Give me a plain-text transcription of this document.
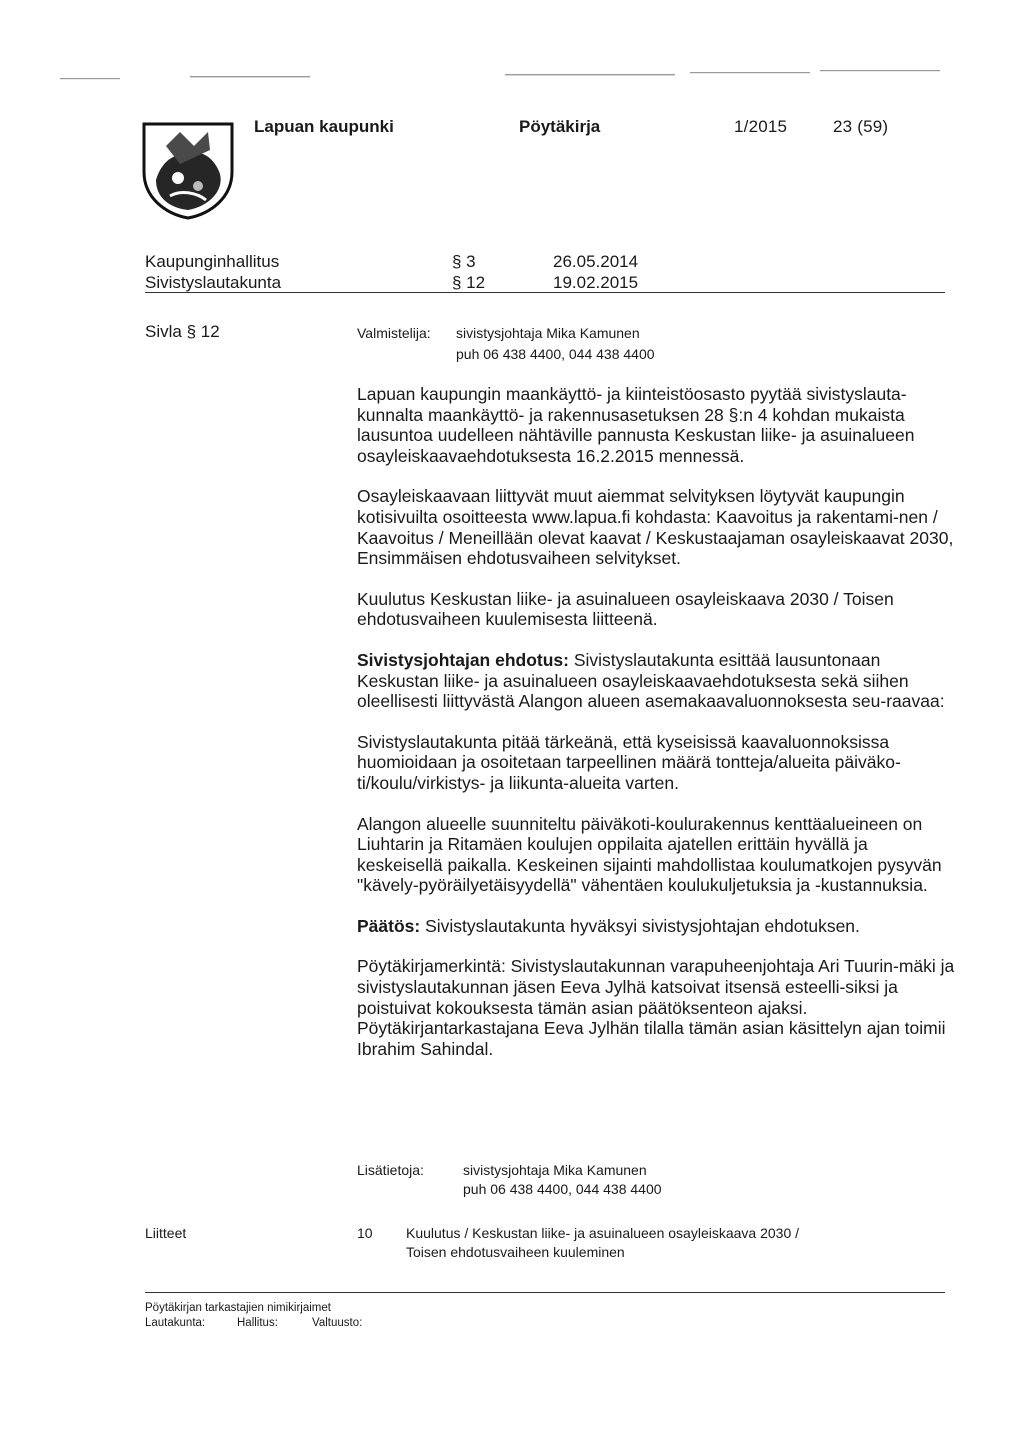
Lapuan kaupunki	Pöytäkirja	1/2015	23 (59)
Kaupunginhallitus	§ 3	26.05.2014
Sivistyslautakunta	§ 12	19.02.2015
Sivla § 12	Valmistelija: sivistysjohtaja Mika Kamunen
puh 06 438 4400, 044 438 4400

Lapuan kaupungin maankäyttö- ja kiinteistöosasto pyytää sivistyslauta-kunnalta maankäyttö- ja rakennusasetuksen 28 §:n 4 kohdan mukaista lausuntoa uudelleen nähtäville pannusta Keskustan liike- ja asuinalueen osayleiskaavaehdotuksesta 16.2.2015 mennessä.

Osayleiskaavaan liittyvät muut aiemmat selvityksen löytyvät kaupungin kotisivuilta osoitteesta www.lapua.fi kohdasta: Kaavoitus ja rakentami-nen / Kaavoitus / Meneillään olevat kaavat / Keskustaajaman osayleiskaavat 2030, Ensimmäisen ehdotusvaiheen selvitykset.

Kuulutus Keskustan liike- ja asuinalueen osayleiskaava 2030 / Toisen ehdotusvaiheen kuulemisesta liitteenä.

Sivistysjohtajan ehdotus: Sivistyslautakunta esittää lausuntonaan Keskustan liike- ja asuinalueen osayleiskaavaehdotuksesta sekä siihen oleellisesti liittyvästä Alangon alueen asemakaavaluonnoksesta seu-raavaa:

Sivistyslautakunta pitää tärkeänä, että kyseisissä kaavaluonnoksissa huomioidaan ja osoitetaan tarpeellinen määrä tontteja/alueita päiväko-ti/koulu/virkistys- ja liikunta-alueita varten.

Alangon alueelle suunniteltu päiväkoti-koulurakennus kenttäalueineen on Liuhtarin ja Ritamäen koulujen oppilaita ajatellen erittäin hyvällä ja keskeisellä paikalla. Keskeinen sijainti mahdollistaa koulumatkojen pysyvän "kävely-pyöräilyetäisyydellä" vähentäen koulukuljetuksia ja -kustannuksia.

Päätös: Sivistyslautakunta hyväksyi sivistysjohtajan ehdotuksen.

Pöytäkirjamerkintä: Sivistyslautakunnan varapuheenjohtaja Ari Tuurin-mäki ja sivistyslautakunnan jäsen Eeva Jylhä katsoivat itsensä esteelli-siksi ja poistuivat kokouksesta tämän asian päätöksenteon ajaksi. Pöytäkirjantarkastajana Eeva Jylhän tilalla tämän asian käsittelyn ajan toimii Ibrahim Sahindal.

Lisätietoja:	sivistysjohtaja Mika Kamunen
puh 06 438 4400, 044 438 4400
Liitteet	10 Kuulutus / Keskustan liike- ja asuinalueen osayleiskaava 2030 /
Toisen ehdotusvaiheen kuuleminen
Pöytäkirjan tarkastajien nimikirjaimet
Lautakunta:	Hallitus:	Valtuusto:
